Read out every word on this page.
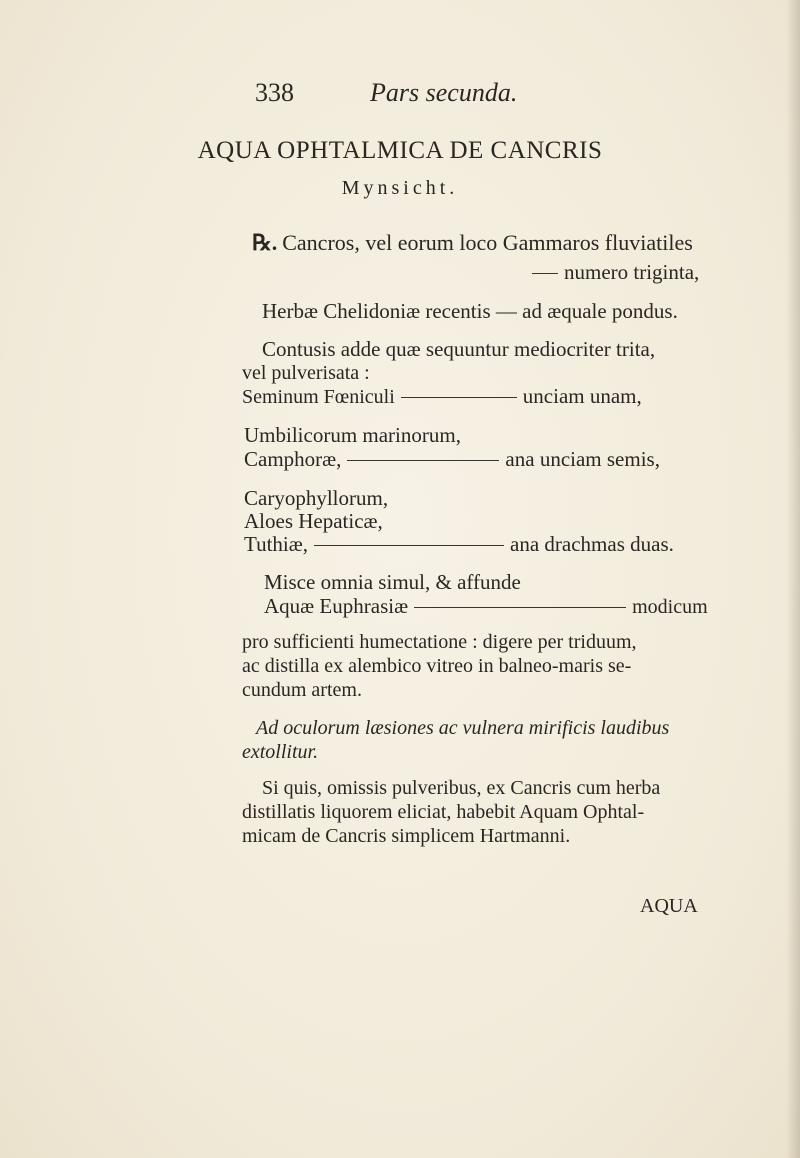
338	Pars secunda.
AQUA OPHTALMICA DE CANCRIS
Mynsicht.
℞. Cancros, vel eorum loco Gammaros fluviatiles
numero triginta,
Herbæ Chelidoniæ recentis — ad æquale pondus.
Contusis adde quæ sequuntur mediocriter trita,
vel pulverisata :
Seminum Fœniculi	unciam unam,
Umbilicorum marinorum,
Camphoræ,	ana unciam semis,
Caryophyllorum,
Aloes Hepaticæ,
Tuthiæ,	ana drachmas duas.
Misce omnia simul, & affunde
Aquæ Euphrasiæ	modicum
pro sufficienti humectatione : digere per triduum,
ac distilla ex alembico vitreo in balneo-maris se-
cundum artem.
Ad oculorum læsiones ac vulnera mirificis laudibus
extollitur.
Si quis, omissis pulveribus, ex Cancris cum herba
distillatis liquorem eliciat, habebit Aquam Ophtal-
micam de Cancris simplicem Hartmanni.
AQUA
